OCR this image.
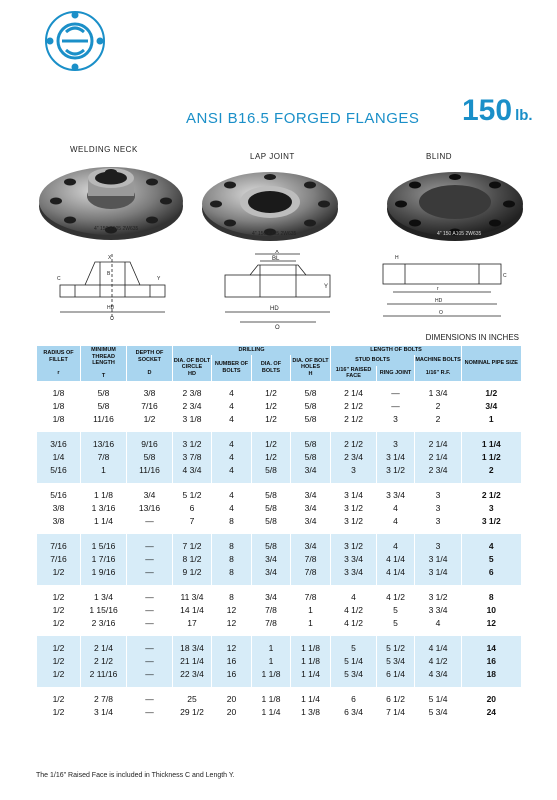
ANSI B16.5 FORGED FLANGES 150 lb.
WELDING NECK
LAP JOINT	BLIND
4" 150 A105 2W635
4" 150 A105 2W635	4" 150 A105 2W635
X
B
HD
O
Y
C
X
BL
HD
O
Y
H
C
r
HD
O
DIMENSIONS IN INCHES
RADIUS OF FILLET

r	MINIMUM THREAD LENGTH

T	DEPTH OF SOCKET

D	DRILLING				LENGTH OF BOLTS			NOMINAL PIPE SIZE
			DIA. OF BOLT CIRCLE
HD	NUMBER OF BOLTS	DIA. OF BOLTS	DIA. OF BOLT HOLES
H	STUD BOLTS		MACHINE BOLTS	
							1/16" RAISED FACE	RING JOINT	1/16" R.F.	
1/8	5/8	3/8	2 3/8	4	1/2	5/8	2 1/4	—	1 3/4	1/2
1/8	5/8	7/16	2 3/4	4	1/2	5/8	2 1/2	—	2	3/4
1/8	11/16	1/2	3 1/8	4	1/2	5/8	2 1/2	3	2	1
3/16	13/16	9/16	3 1/2	4	1/2	5/8	2 1/2	3	2 1/4	1 1/4
1/4	7/8	5/8	3 7/8	4	1/2	5/8	2 3/4	3 1/4	2 1/4	1 1/2
5/16	1	11/16	4 3/4	4	5/8	3/4	3	3 1/2	2 3/4	2
5/16	1 1/8	3/4	5 1/2	4	5/8	3/4	3 1/4	3 3/4	3	2 1/2
3/8	1 3/16	13/16	6	4	5/8	3/4	3 1/2	4	3	3
3/8	1 1/4	—	7	8	5/8	3/4	3 1/2	4	3	3 1/2
7/16	1 5/16	—	7 1/2	8	5/8	3/4	3 1/2	4	3	4
7/16	1 7/16	—	8 1/2	8	3/4	7/8	3 3/4	4 1/4	3 1/4	5
1/2	1 9/16	—	9 1/2	8	3/4	7/8	3 3/4	4 1/4	3 1/4	6
1/2	1 3/4	—	11 3/4	8	3/4	7/8	4	4 1/2	3 1/2	8
1/2	1 15/16	—	14 1/4	12	7/8	1	4 1/2	5	3 3/4	10
1/2	2 3/16	—	17	12	7/8	1	4 1/2	5	4	12
1/2	2 1/4	—	18 3/4	12	1	1 1/8	5	5 1/2	4 1/4	14
1/2	2 1/2	—	21 1/4	16	1	1 1/8	5 1/4	5 3/4	4 1/2	16
1/2	2 11/16	—	22 3/4	16	1 1/8	1 1/4	5 3/4	6 1/4	4 3/4	18
1/2	2 7/8	—	25	20	1 1/8	1 1/4	6	6 1/2	5 1/4	20
1/2	3 1/4	—	29 1/2	20	1 1/4	1 3/8	6 3/4	7 1/4	5 3/4	24
The 1/16" Raised Face is included in Thickness C and Length Y.
